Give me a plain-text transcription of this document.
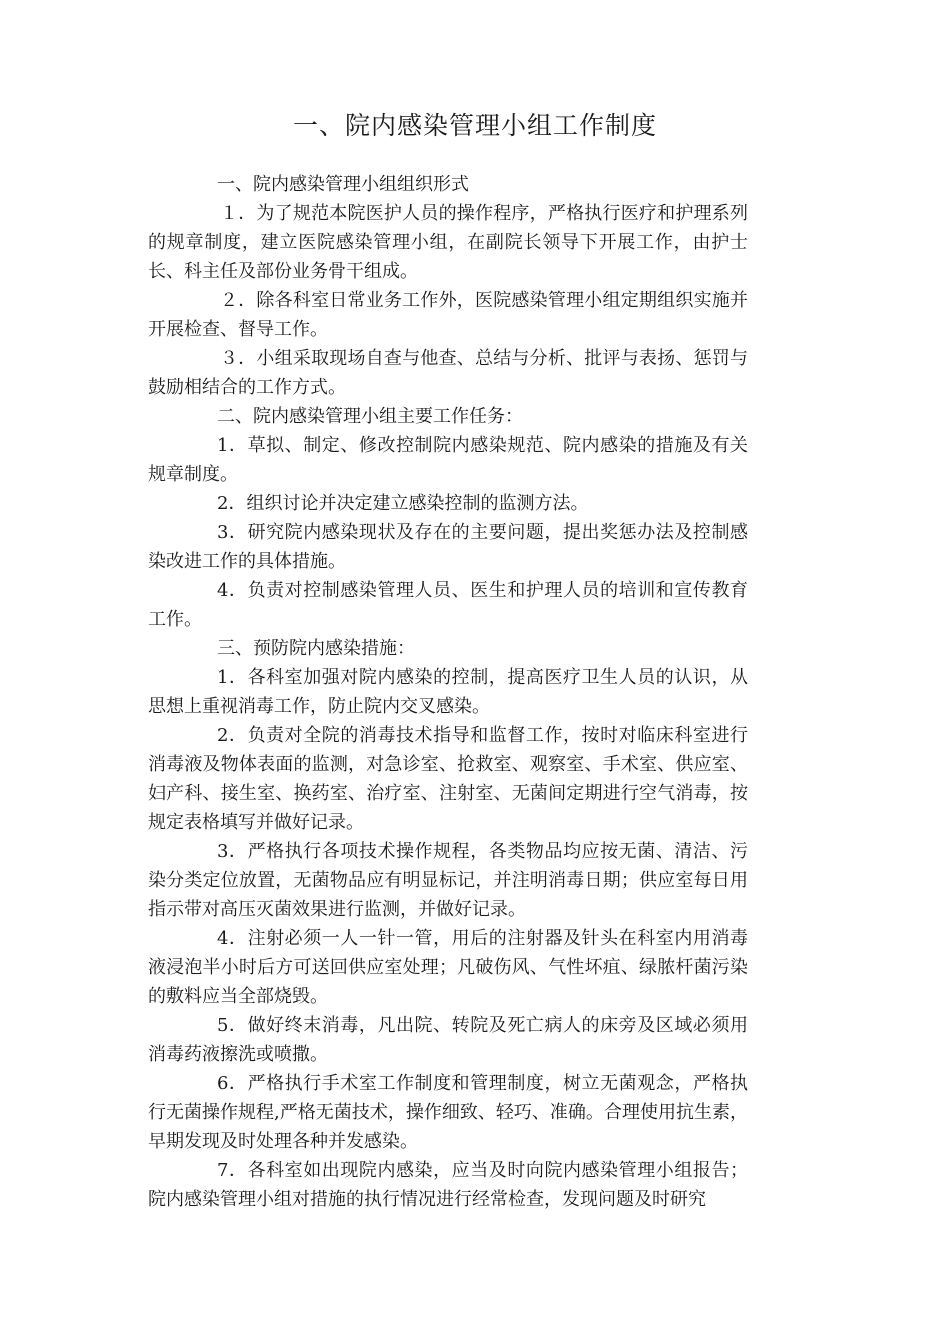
一、院内感染管理小组工作制度

一、院内感染管理小组组织形式

１．为了规范本院医护人员的操作程序，严格执行医疗和护理系列的规章制度，建立医院感染管理小组，在副院长领导下开展工作，由护士长、科主任及部份业务骨干组成。

２．除各科室日常业务工作外，医院感染管理小组定期组织实施并开展检查、督导工作。

３．小组采取现场自查与他查、总结与分析、批评与表扬、惩罚与鼓励相结合的工作方式。

二、院内感染管理小组主要工作任务：

1．草拟、制定、修改控制院内感染规范、院内感染的措施及有关规章制度。

2．组织讨论并决定建立感染控制的监测方法。

3．研究院内感染现状及存在的主要问题，提出奖惩办法及控制感染改进工作的具体措施。

4．负责对控制感染管理人员、医生和护理人员的培训和宣传教育工作。

三、预防院内感染措施：

1．各科室加强对院内感染的控制，提高医疗卫生人员的认识，从思想上重视消毒工作，防止院内交叉感染。

2．负责对全院的消毒技术指导和监督工作，按时对临床科室进行消毒液及物体表面的监测，对急诊室、抢救室、观察室、手术室、供应室、妇产科、接生室、换药室、治疗室、注射室、无菌间定期进行空气消毒，按规定表格填写并做好记录。

3．严格执行各项技术操作规程，各类物品均应按无菌、清洁、污染分类定位放置，无菌物品应有明显标记，并注明消毒日期；供应室每日用指示带对高压灭菌效果进行监测，并做好记录。

4．注射必须一人一针一管，用后的注射器及针头在科室内用消毒液浸泡半小时后方可送回供应室处理；凡破伤风、气性坏疽、绿脓杆菌污染的敷料应当全部烧毁。

5．做好终末消毒，凡出院、转院及死亡病人的床旁及区域必须用消毒药液擦洗或喷撒。

6．严格执行手术室工作制度和管理制度，树立无菌观念，严格执行无菌操作规程,严格无菌技术，操作细致、轻巧、准确。合理使用抗生素，早期发现及时处理各种并发感染。

7．各科室如出现院内感染，应当及时向院内感染管理小组报告；院内感染管理小组对措施的执行情况进行经常检查，发现问题及时研究
